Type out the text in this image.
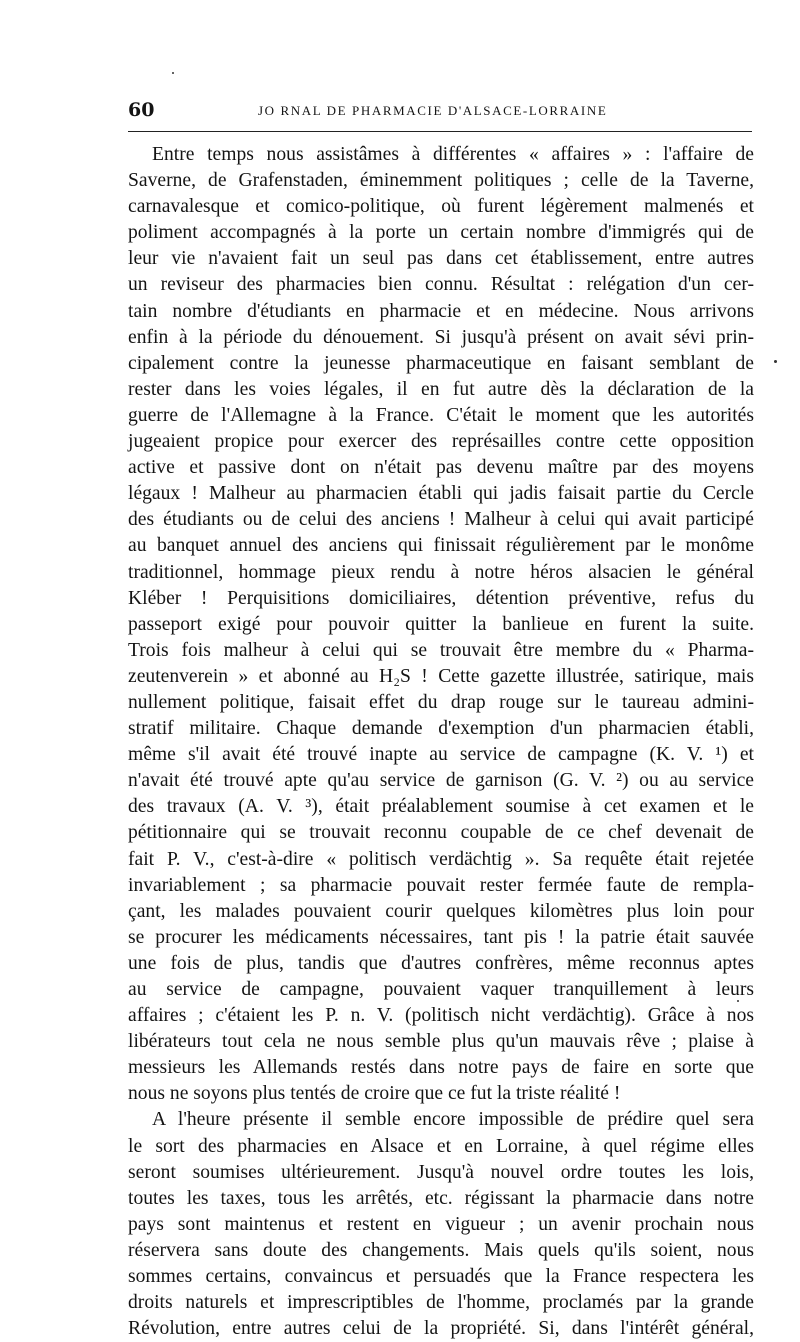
60	JO RNAL DE PHARMACIE D'ALSACE-LORRAINE
Entre temps nous assistâmes à différentes « affaires » : l'affaire de
Saverne, de Grafenstaden, éminemment politiques ; celle de la Taverne,
carnavalesque et comico-politique, où furent légèrement malmenés et
poliment accompagnés à la porte un certain nombre d'immigrés qui de
leur vie n'avaient fait un seul pas dans cet établissement, entre autres
un reviseur des pharmacies bien connu. Résultat : relégation d'un cer-
tain nombre d'étudiants en pharmacie et en médecine. Nous arrivons
enfin à la période du dénouement. Si jusqu'à présent on avait sévi prin-
cipalement contre la jeunesse pharmaceutique en faisant semblant de
rester dans les voies légales, il en fut autre dès la déclaration de la
guerre de l'Allemagne à la France. C'était le moment que les autorités
jugeaient propice pour exercer des représailles contre cette opposition
active et passive dont on n'était pas devenu maître par des moyens
légaux ! Malheur au pharmacien établi qui jadis faisait partie du Cercle
des étudiants ou de celui des anciens ! Malheur à celui qui avait participé
au banquet annuel des anciens qui finissait régulièrement par le monôme
traditionnel, hommage pieux rendu à notre héros alsacien le général
Kléber ! Perquisitions domiciliaires, détention préventive, refus du
passeport exigé pour pouvoir quitter la banlieue en furent la suite.
Trois fois malheur à celui qui se trouvait être membre du « Pharma-
zeutenverein » et abonné au H₂S ! Cette gazette illustrée, satirique, mais
nullement politique, faisait effet du drap rouge sur le taureau admini-
stratif militaire. Chaque demande d'exemption d'un pharmacien établi,
même s'il avait été trouvé inapte au service de campagne (K. V. ¹) et
n'avait été trouvé apte qu'au service de garnison (G. V. ²) ou au service
des travaux (A. V. ³), était préalablement soumise à cet examen et le
pétitionnaire qui se trouvait reconnu coupable de ce chef devenait de
fait P. V., c'est-à-dire « politisch verdächtig ». Sa requête était rejetée
invariablement ; sa pharmacie pouvait rester fermée faute de rempla-
çant, les malades pouvaient courir quelques kilomètres plus loin pour
se procurer les médicaments nécessaires, tant pis ! la patrie était sauvée
une fois de plus, tandis que d'autres confrères, même reconnus aptes
au service de campagne, pouvaient vaquer tranquillement à leurs
affaires ; c'étaient les P. n. V. (politisch nicht verdächtig). Grâce à nos
libérateurs tout cela ne nous semble plus qu'un mauvais rêve ; plaise à
messieurs les Allemands restés dans notre pays de faire en sorte que
nous ne soyons plus tentés de croire que ce fut la triste réalité !
A l'heure présente il semble encore impossible de prédire quel sera
le sort des pharmacies en Alsace et en Lorraine, à quel régime elles
seront soumises ultérieurement. Jusqu'à nouvel ordre toutes les lois,
toutes les taxes, tous les arrêtés, etc. régissant la pharmacie dans notre
pays sont maintenus et restent en vigueur ; un avenir prochain nous
réservera sans doute des changements. Mais quels qu'ils soient, nous
sommes certains, convaincus et persuadés que la France respectera les
droits naturels et imprescriptibles de l'homme, proclamés par la grande
Révolution, entre autres celui de la propriété. Si, dans l'intérêt général,
